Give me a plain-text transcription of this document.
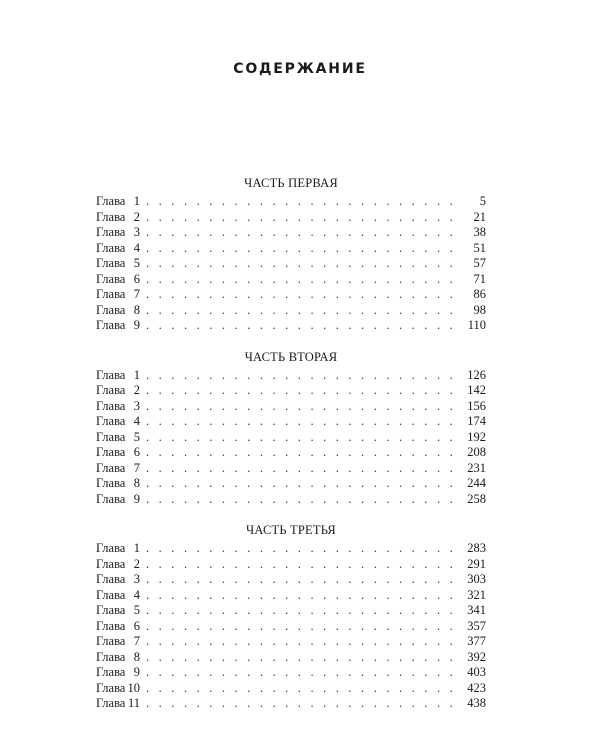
СОДЕРЖАНИЕ
ЧАСТЬ ПЕРВАЯ
Глава 1 . . .	5
Глава 2 . . .	21
Глава 3 . . .	38
Глава 4 . . .	51
Глава 5 . . .	57
Глава 6 . . .	71
Глава 7 . . .	86
Глава 8 . . .	98
Глава 9 . . .	110
ЧАСТЬ ВТОРАЯ
Глава 1 . . .	126
Глава 2 . . .	142
Глава 3 . . .	156
Глава 4 . . .	174
Глава 5 . . .	192
Глава 6 . . .	208
Глава 7 . . .	231
Глава 8 . . .	244
Глава 9 . . .	258
ЧАСТЬ ТРЕТЬЯ
Глава 1 . . .	283
Глава 2 . . .	291
Глава 3 . . .	303
Глава 4 . . .	321
Глава 5 . . .	341
Глава 6 . . .	357
Глава 7 . . .	377
Глава 8 . . .	392
Глава 9 . . .	403
Глава 10 . . .	423
Глава 11 . . .	438
